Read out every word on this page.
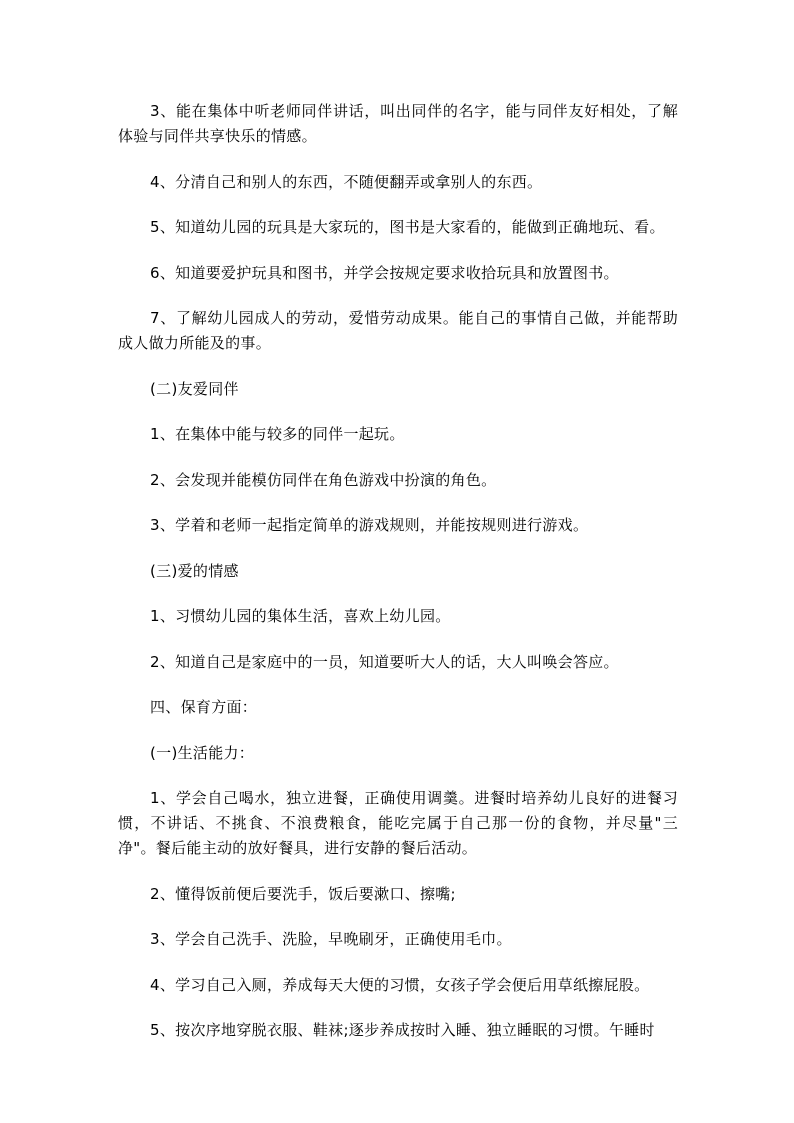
3、能在集体中听老师同伴讲话，叫出同伴的名字，能与同伴友好相处，了解体验与同伴共享快乐的情感。

4、分清自己和别人的东西，不随便翻弄或拿别人的东西。

5、知道幼儿园的玩具是大家玩的，图书是大家看的，能做到正确地玩、看。

6、知道要爱护玩具和图书，并学会按规定要求收拾玩具和放置图书。

7、了解幼儿园成人的劳动，爱惜劳动成果。能自己的事情自己做，并能帮助成人做力所能及的事。

(二)友爱同伴

1、在集体中能与较多的同伴一起玩。

2、会发现并能模仿同伴在角色游戏中扮演的角色。

3、学着和老师一起指定简单的游戏规则，并能按规则进行游戏。

(三)爱的情感

1、习惯幼儿园的集体生活，喜欢上幼儿园。

2、知道自己是家庭中的一员，知道要听大人的话，大人叫唤会答应。

四、保育方面：

(一)生活能力：

1、学会自己喝水，独立进餐，正确使用调羹。进餐时培养幼儿良好的进餐习惯，不讲话、不挑食、不浪费粮食，能吃完属于自己那一份的食物，并尽量"三净"。餐后能主动的放好餐具，进行安静的餐后活动。

2、懂得饭前便后要洗手，饭后要漱口、擦嘴;

3、学会自己洗手、洗脸，早晚刷牙，正确使用毛巾。

4、学习自己入厕，养成每天大便的习惯，女孩子学会便后用草纸擦屁股。

5、按次序地穿脱衣服、鞋袜;逐步养成按时入睡、独立睡眠的习惯。午睡时
